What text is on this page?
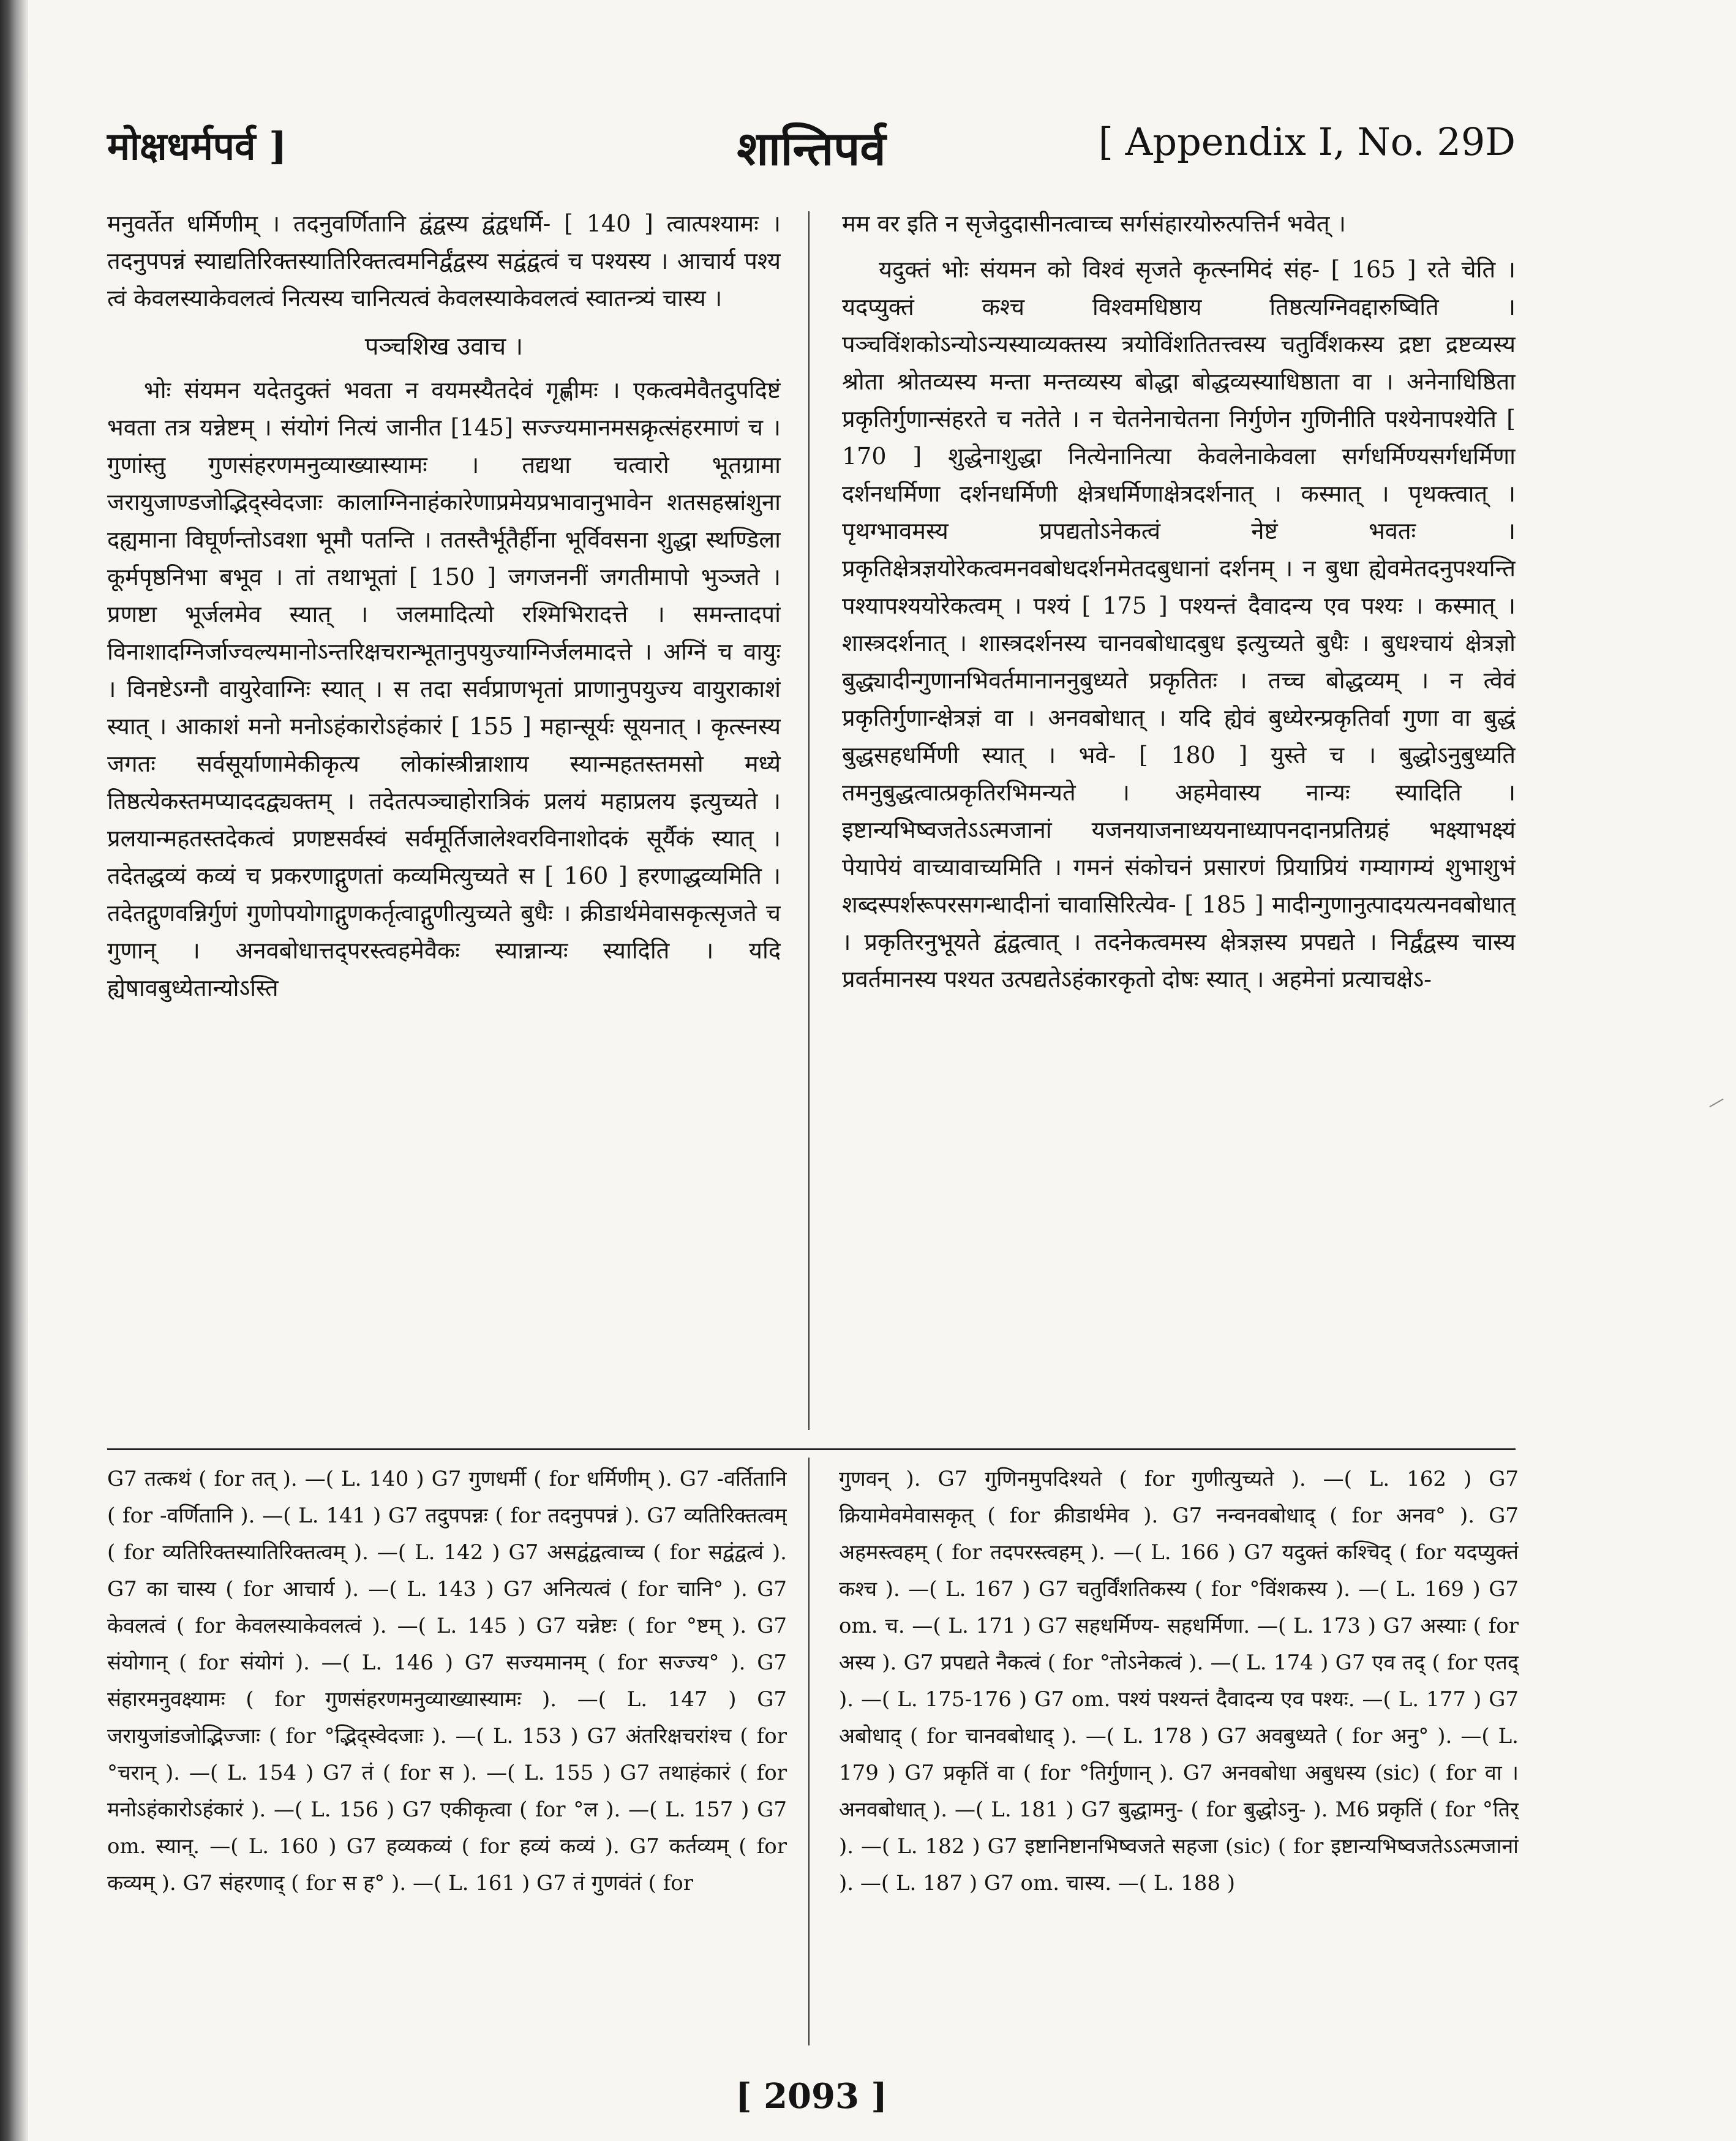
मोक्षधर्मपर्व ]	शान्तिपर्व	[ Appendix I, No. 29D

मनुवर्तेत धर्मिणीम् । तदनुवर्णितानि द्वंद्वस्य द्वंद्वधर्मि- [ 140 ] त्वात्पश्यामः । तदनुपपन्नं स्याद्यतिरिक्तस्यातिरिक्तत्वमनिर्द्वंद्वस्य सद्वंद्वत्वं च पश्यस्य । आचार्य पश्य त्वं केवलस्याकेवलत्वं नित्यस्य चानित्यत्वं केवलस्याकेवलत्वं स्वातन्त्र्यं चास्य ।

पञ्चशिख उवाच ।

भोः संयमन यदेतदुक्तं भवता न वयमस्यैतदेवं गृह्णीमः । एकत्वमेवैतदुपदिष्टं भवता तत्र यन्नेष्टम् । संयोगं नित्यं जानीत [145] सज्ज्यमानमसक्रृत्संहरमाणं च । गुणांस्तु गुणसंहरणमनुव्याख्यास्यामः । तद्यथा चत्वारो भूतग्रामा जरायुजाण्डजोद्भिद्स्वेदजाः कालाग्निनाहंकारेणाप्रमेयप्रभावानुभावेन शतसहस्रांशुना दह्यमाना विघूर्णन्तोऽवशा भूमौ पतन्ति । ततस्तैर्भूतैर्हीना भूर्विवसना शुद्धा स्थण्डिला कूर्मपृष्ठनिभा बभूव । तां तथाभूतां [ 150 ] जगजननीं जगतीमापो भुञ्जते । प्रणष्टा भूर्जलमेव स्यात् । जलमादित्यो रश्मिभिरादत्ते । समन्तादपां विनाशादग्निर्जाज्वल्यमानोऽन्तरिक्षचरान्भूतानुपयुज्याग्निर्जलमादत्ते । अग्निं च वायुः । विनष्टेऽग्नौ वायुरेवाग्निः स्यात् । स तदा सर्वप्राणभृतां प्राणानुपयुज्य वायुराकाशं स्यात् । आकाशं मनो मनोऽहंकारोऽहंकारं [ 155 ] महान्सूर्यः सूयनात् । कृत्स्नस्य जगतः सर्वसूर्याणामेकीकृत्य लोकांस्त्रीन्नाशाय स्यान्महतस्तमसो मध्ये तिष्ठत्येकस्तमप्याददद्व्यक्तम् । तदेतत्पञ्चाहोरात्रिकं प्रलयं महाप्रलय इत्युच्यते । प्रलयान्महतस्तदेकत्वं प्रणष्टसर्वस्वं सर्वमूर्तिजालेश्वरविनाशोदकं सूर्यैकं स्यात् । तदेतद्धव्यं कव्यं च प्रकरणाद्गुणतां कव्यमित्युच्यते स [ 160 ] हरणाद्धव्यमिति । तदेतद्गुणवन्निर्गुणं गुणोपयोगाद्गुणकर्तृत्वाद्गुणीत्युच्यते बुधैः । क्रीडार्थमेवासकृत्सृजते च गुणान् । अनवबोधात्तद्परस्त्वहमेवैकः स्यान्नान्यः स्यादिति । यदि ह्येषावबुध्येतान्योऽस्ति

मम वर इति न सृजेदुदासीनत्वाच्च सर्गसंहारयोरुत्पत्तिर्न भवेत् ।

यदुक्तं भोः संयमन को विश्वं सृजते कृत्स्नमिदं संह- [ 165 ] रते चेति । यदप्युक्तं कश्च विश्वमधिष्ठाय तिष्ठत्यग्निवद्दारुष्विति । पञ्चविंशकोऽन्योऽन्यस्याव्यक्तस्य त्रयोविंशतितत्त्वस्य चतुर्विंशकस्य द्रष्टा द्रष्टव्यस्य श्रोता श्रोतव्यस्य मन्ता मन्तव्यस्य बोद्धा बोद्धव्यस्याधिष्ठाता वा । अनेनाधिष्ठिता प्रकृतिर्गुणान्संहरते च नतेते । न चेतनेनाचेतना निर्गुणेन गुणिनीति पश्येनापश्येति [ 170 ] शुद्धेनाशुद्धा नित्येनानित्या केवलेनाकेवला सर्गधर्मिण्यसर्गधर्मिणा दर्शनधर्मिणा दर्शनधर्मिणी क्षेत्रधर्मिणाक्षेत्रदर्शनात् । कस्मात् । पृथक्त्वात् । पृथग्भावमस्य प्रपद्यतोऽनेकत्वं नेष्टं भवतः । प्रकृतिक्षेत्रज्ञयोरेकत्वमनवबोधदर्शनमेतदबुधानां दर्शनम् । न बुधा ह्येवमेतदनुपश्यन्ति पश्यापश्ययोरेकत्वम् । पश्यं [ 175 ] पश्यन्तं दैवादन्य एव पश्यः । कस्मात् । शास्त्रदर्शनात् । शास्त्रदर्शनस्य चानवबोधादबुध इत्युच्यते बुधैः । बुधश्चायं क्षेत्रज्ञो बुद्ध्यादीन्गुणानभिवर्तमानाननुबुध्यते प्रकृतितः । तच्च बोद्धव्यम् । न त्वेवं प्रकृतिर्गुणान्क्षेत्रज्ञं वा । अनवबोधात् । यदि ह्येवं बुध्येरन्प्रकृतिर्वा गुणा वा बुद्धं बुद्धसहधर्मिणी स्यात् । भवे- [ 180 ] युस्ते च । बुद्धोऽनुबुध्यति तमनुबुद्धत्वात्प्रकृतिरभिमन्यते । अहमेवास्य नान्यः स्यादिति । इष्टान्यभिष्वजतेऽऽत्मजानां यजनयाजनाध्ययनाध्यापनदानप्रतिग्रहं भक्ष्याभक्ष्यं पेयापेयं वाच्यावाच्यमिति । गमनं संकोचनं प्रसारणं प्रियाप्रियं गम्यागम्यं शुभाशुभं शब्दस्पर्शरूपरसगन्धादीनां चावासिरित्येव- [ 185 ] मादीन्गुणानुत्पादयत्यनवबोधात् । प्रकृतिरनुभूयते द्वंद्वत्वात् । तदनेकत्वमस्य क्षेत्रज्ञस्य प्रपद्यते । निर्द्वंद्वस्य चास्य प्रवर्तमानस्य पश्यत उत्पद्यतेऽहंकारकृतो दोषः स्यात् । अहमेनां प्रत्याचक्षेऽ-

G7 तत्कथं ( for तत् ). —( L. 140 ) G7 गुणधर्मी ( for धर्मिणीम् ). G7 -वर्तितानि ( for -वर्णितानि ). —( L. 141 ) G7 तदुपपन्नः ( for तदनुपपन्नं ). G7 व्यतिरिक्तत्वम् ( for व्यतिरिक्तस्यातिरिक्तत्वम् ). —( L. 142 ) G7 असद्वंद्वत्वाच्च ( for सद्वंद्वत्वं ). G7 का चास्य ( for आचार्य ). —( L. 143 ) G7 अनित्यत्वं ( for चानि° ). G7 केवलत्वं ( for केवलस्याकेवलत्वं ). —( L. 145 ) G7 यन्नेष्टः ( for °ष्टम् ). G7 संयोगान् ( for संयोगं ). —( L. 146 ) G7 सज्यमानम् ( for सज्ज्य° ). G7 संहारमनुवक्ष्यामः ( for गुणसंहरणमनुव्याख्यास्यामः ). —( L. 147 ) G7 जरायुजांडजोद्भिज्जाः ( for °द्भिद्स्वेदजाः ). —( L. 153 ) G7 अंतरिक्षचरांश्च ( for °चरान् ). —( L. 154 ) G7 तं ( for स ). —( L. 155 ) G7 तथाहंकारं ( for मनोऽहंकारोऽहंकारं ). —( L. 156 ) G7 एकीकृत्वा ( for °ल ). —( L. 157 ) G7 om. स्यान्. —( L. 160 ) G7 हव्यकव्यं ( for हव्यं कव्यं ). G7 कर्तव्यम् ( for कव्यम् ). G7 संहरणाद् ( for स ह° ). —( L. 161 ) G7 तं गुणवंतं ( for
गुणवन् ). G7 गुणिनमुपदिश्यते ( for गुणीत्युच्यते ). —( L. 162 ) G7 क्रियामेवमेवासकृत् ( for क्रीडार्थमेव ). G7 नन्वनवबोधाद् ( for अनव° ). G7 अहमस्त्वहम् ( for तदपरस्त्वहम् ). —( L. 166 ) G7 यदुक्तं कश्चिद् ( for यदप्युक्तं कश्च ). —( L. 167 ) G7 चतुर्विंशतिकस्य ( for °विंशकस्य ). —( L. 169 ) G7 om. च. —( L. 171 ) G7 सहधर्मिण्य- सहधर्मिणा. —( L. 173 ) G7 अस्याः ( for अस्य ). G7 प्रपद्यते नैकत्वं ( for °तोऽनेकत्वं ). —( L. 174 ) G7 एव तद् ( for एतद् ). —( L. 175-176 ) G7 om. पश्यं पश्यन्तं दैवादन्य एव पश्यः. —( L. 177 ) G7 अबोधाद् ( for चानवबोधाद् ). —( L. 178 ) G7 अवबुध्यते ( for अनु° ). —( L. 179 ) G7 प्रकृतिं वा ( for °तिर्गुणान् ). G7 अनवबोधा अबुधस्य (sic) ( for वा । अनवबोधात् ). —( L. 181 ) G7 बुद्धामनु- ( for बुद्धोऽनु- ). M6 प्रकृतिं ( for °तिर् ). —( L. 182 ) G7 इष्टानिष्टानभिष्वजते सहजा (sic) ( for इष्टान्यभिष्वजतेऽऽत्मजानां ). —( L. 187 ) G7 om. चास्य. —( L. 188 )
[ 2093 ]
